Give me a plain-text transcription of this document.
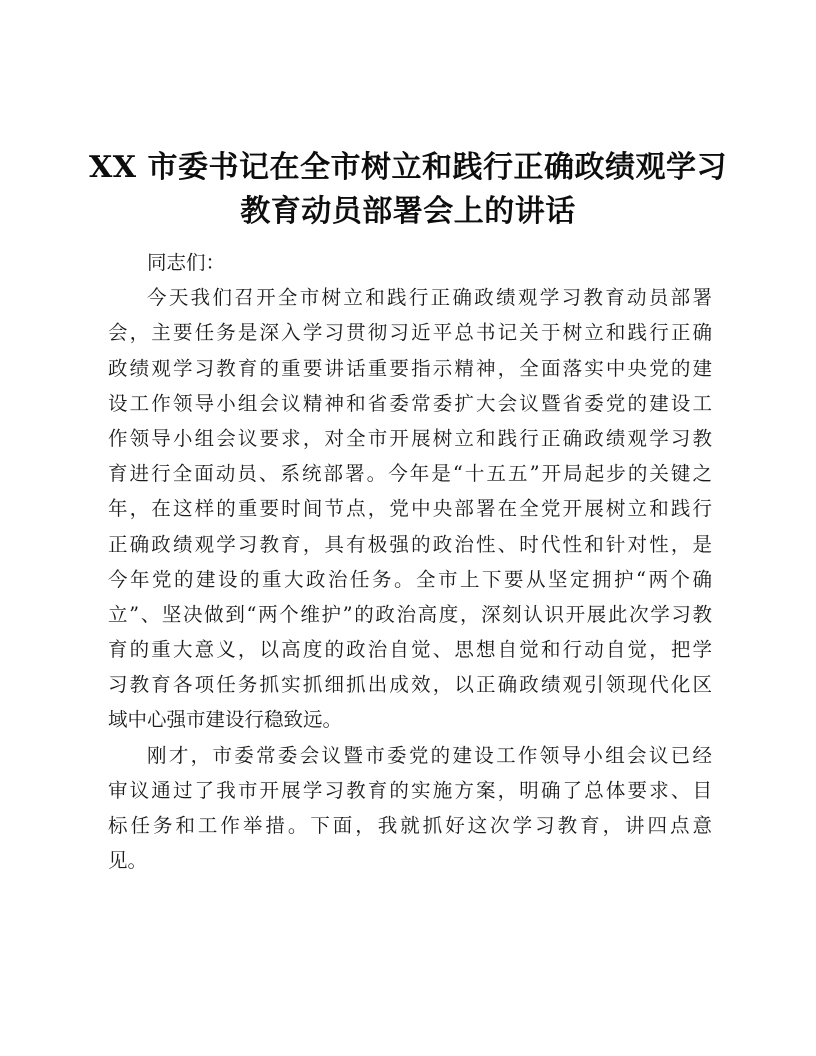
XX 市委书记在全市树立和践行正确政绩观学习
教育动员部署会上的讲话
同志们：
今天我们召开全市树立和践行正确政绩观学习教育动员部署
会，主要任务是深入学习贯彻习近平总书记关于树立和践行正确
政绩观学习教育的重要讲话重要指示精神，全面落实中央党的建
设工作领导小组会议精神和省委常委扩大会议暨省委党的建设工
作领导小组会议要求，对全市开展树立和践行正确政绩观学习教
育进行全面动员、系统部署。今年是“十五五”开局起步的关键之
年，在这样的重要时间节点，党中央部署在全党开展树立和践行
正确政绩观学习教育，具有极强的政治性、时代性和针对性，是
今年党的建设的重大政治任务。全市上下要从坚定拥护“两个确
立”、坚决做到“两个维护”的政治高度，深刻认识开展此次学习教
育的重大意义，以高度的政治自觉、思想自觉和行动自觉，把学
习教育各项任务抓实抓细抓出成效，以正确政绩观引领现代化区
域中心强市建设行稳致远。
刚才，市委常委会议暨市委党的建设工作领导小组会议已经
审议通过了我市开展学习教育的实施方案，明确了总体要求、目
标任务和工作举措。下面，我就抓好这次学习教育，讲四点意
见。
